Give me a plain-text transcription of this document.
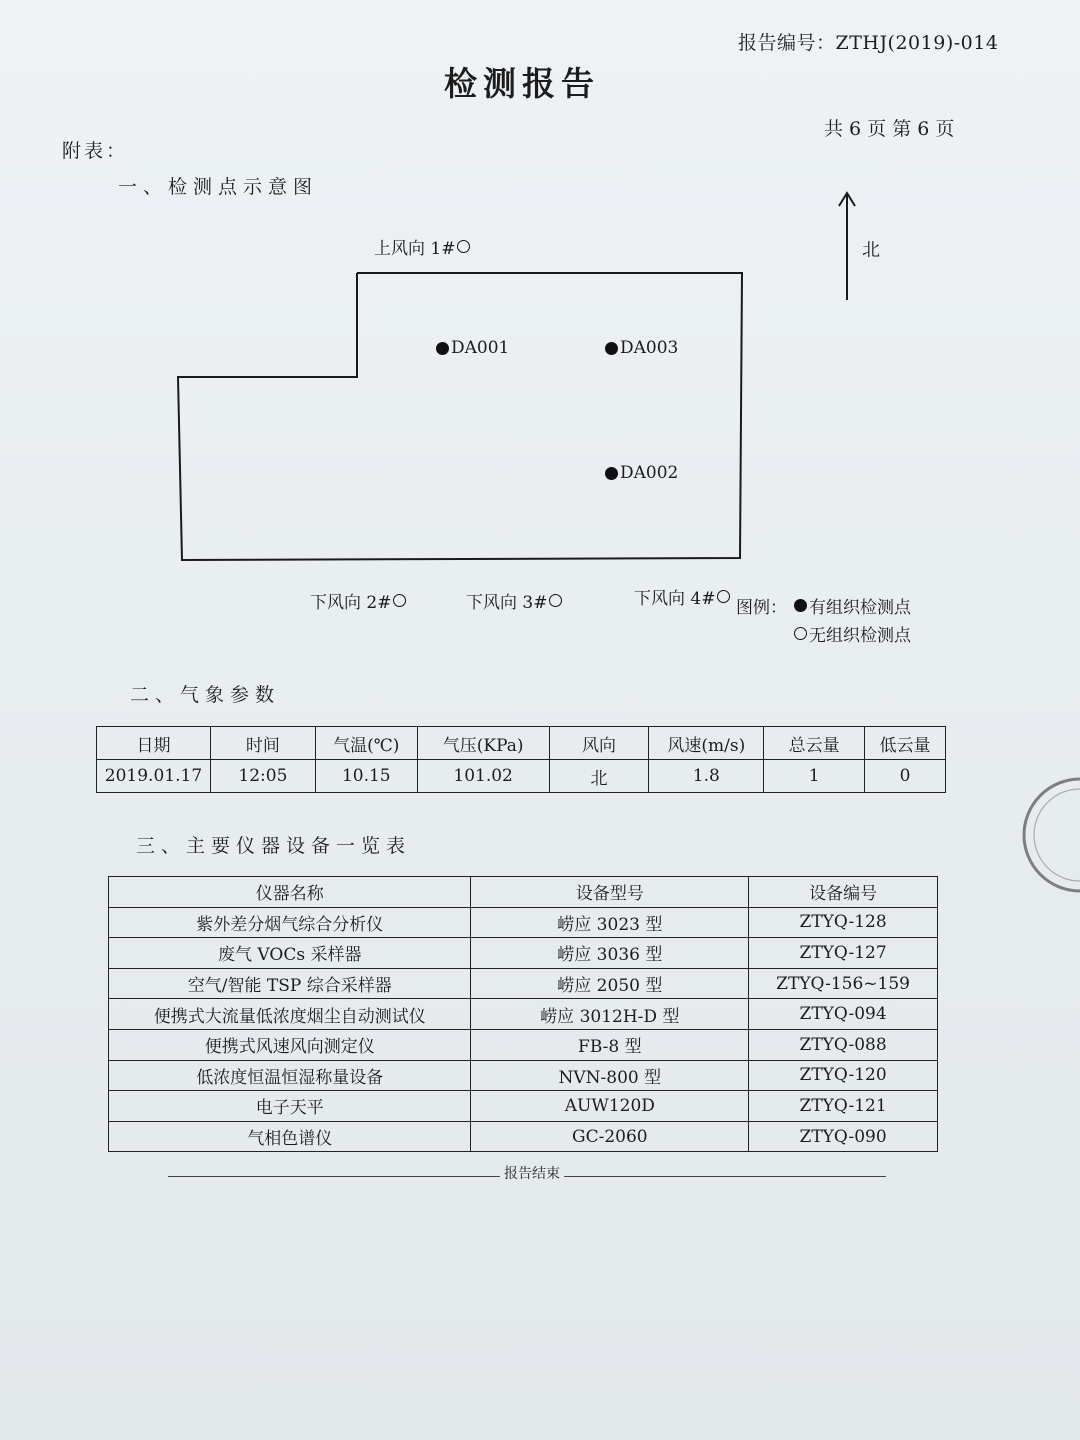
报告编号：ZTHJ(2019)-014
检测报告
共 6 页 第 6 页
附表：
一、检测点示意图
上风向 1#
DA001	DA003
DA002
下风向 2#	下风向 3#	下风向 4#
北
图例： 有组织检测点
无组织检测点
二、气象参数
日期	时间	气温(℃)	气压(KPa)	风向	风速(m/s)	总云量	低云量
2019.01.17	12:05	10.15	101.02	北	1.8	1	0
三、主要仪器设备一览表
仪器名称	设备型号	设备编号
紫外差分烟气综合分析仪	崂应 3023 型	ZTYQ-128
废气 VOCs 采样器	崂应 3036 型	ZTYQ-127
空气/智能 TSP 综合采样器	崂应 2050 型	ZTYQ-156~159
便携式大流量低浓度烟尘自动测试仪	崂应 3012H-D 型	ZTYQ-094
便携式风速风向测定仪	FB-8 型	ZTYQ-088
低浓度恒温恒湿称量设备	NVN-800 型	ZTYQ-120
电子天平	AUW120D	ZTYQ-121
气相色谱仪	GC-2060	ZTYQ-090
报告结束
